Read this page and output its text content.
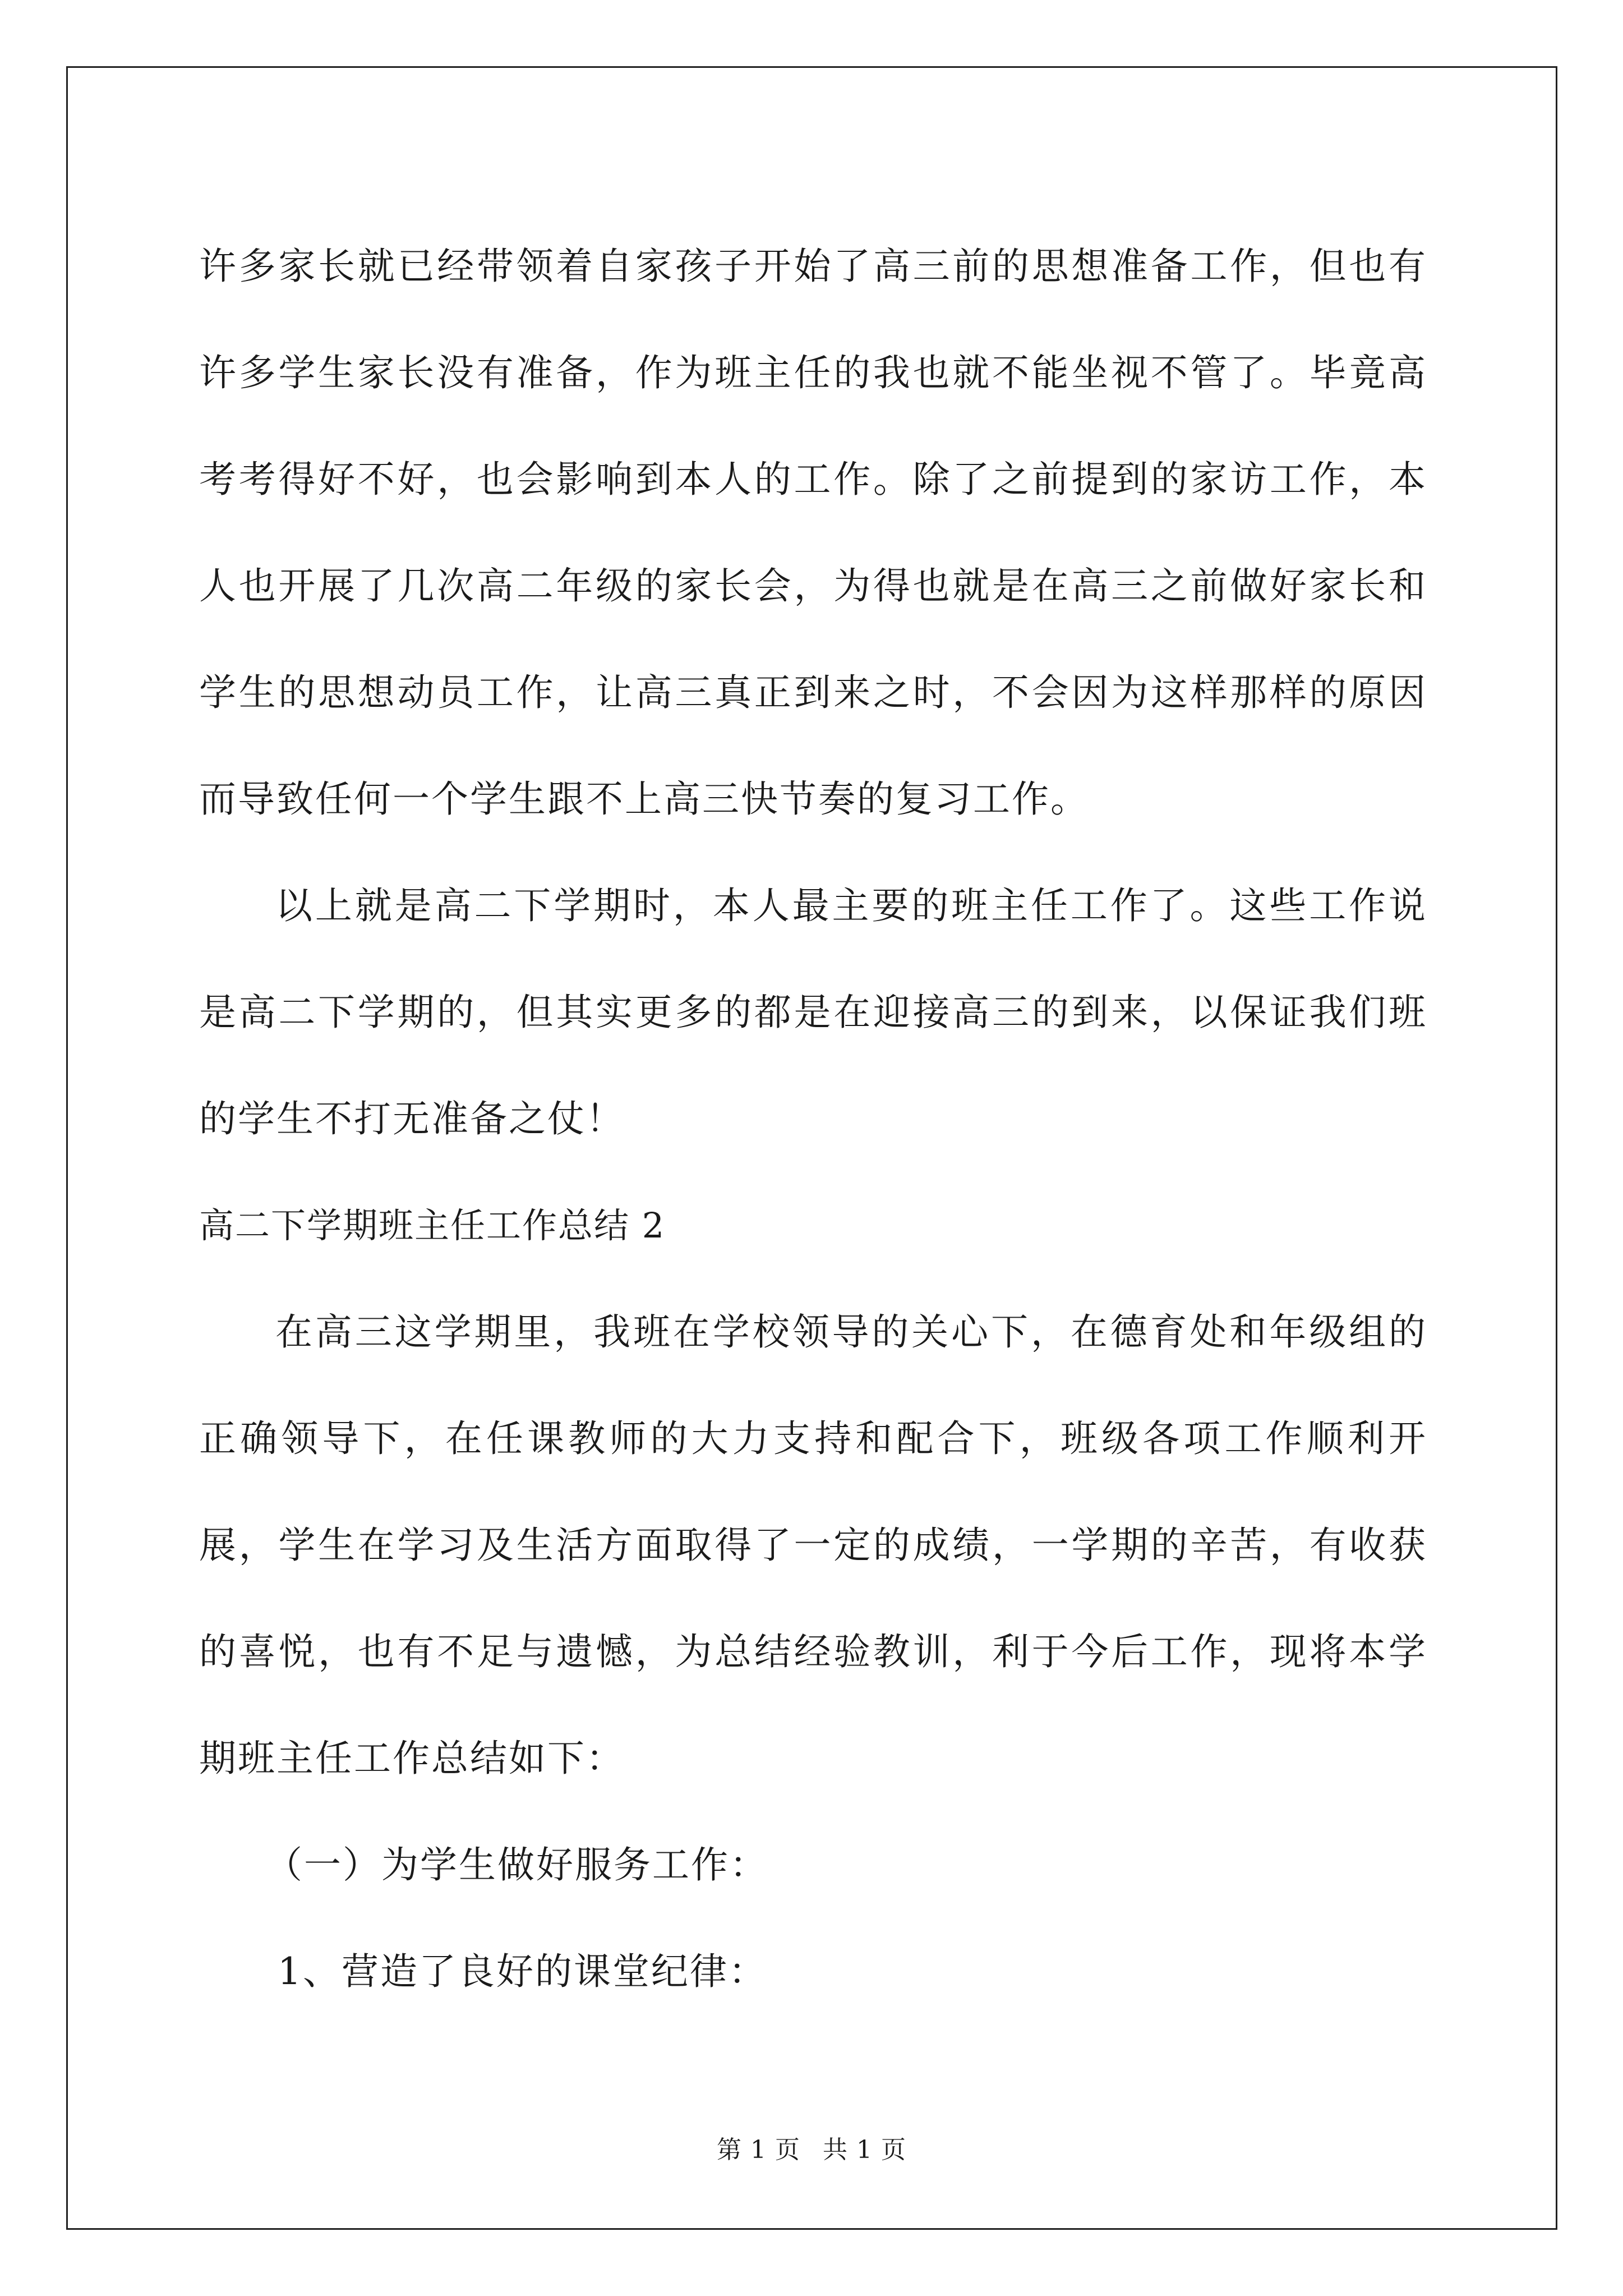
许多家长就已经带领着自家孩子开始了高三前的思想准备工作，但也有许多学生家长没有准备，作为班主任的我也就不能坐视不管了。毕竟高考考得好不好，也会影响到本人的工作。除了之前提到的家访工作，本人也开展了几次高二年级的家长会，为得也就是在高三之前做好家长和学生的思想动员工作，让高三真正到来之时，不会因为这样那样的原因而导致任何一个学生跟不上高三快节奏的复习工作。

以上就是高二下学期时，本人最主要的班主任工作了。这些工作说是高二下学期的，但其实更多的都是在迎接高三的到来，以保证我们班的学生不打无准备之仗！

高二下学期班主任工作总结 2

在高三这学期里，我班在学校领导的关心下，在德育处和年级组的正确领导下，在任课教师的大力支持和配合下，班级各项工作顺利开展，学生在学习及生活方面取得了一定的成绩，一学期的辛苦，有收获的喜悦，也有不足与遗憾，为总结经验教训，利于今后工作，现将本学期班主任工作总结如下：

（一）为学生做好服务工作：

1、营造了良好的课堂纪律：

第 1 页 共 1 页
